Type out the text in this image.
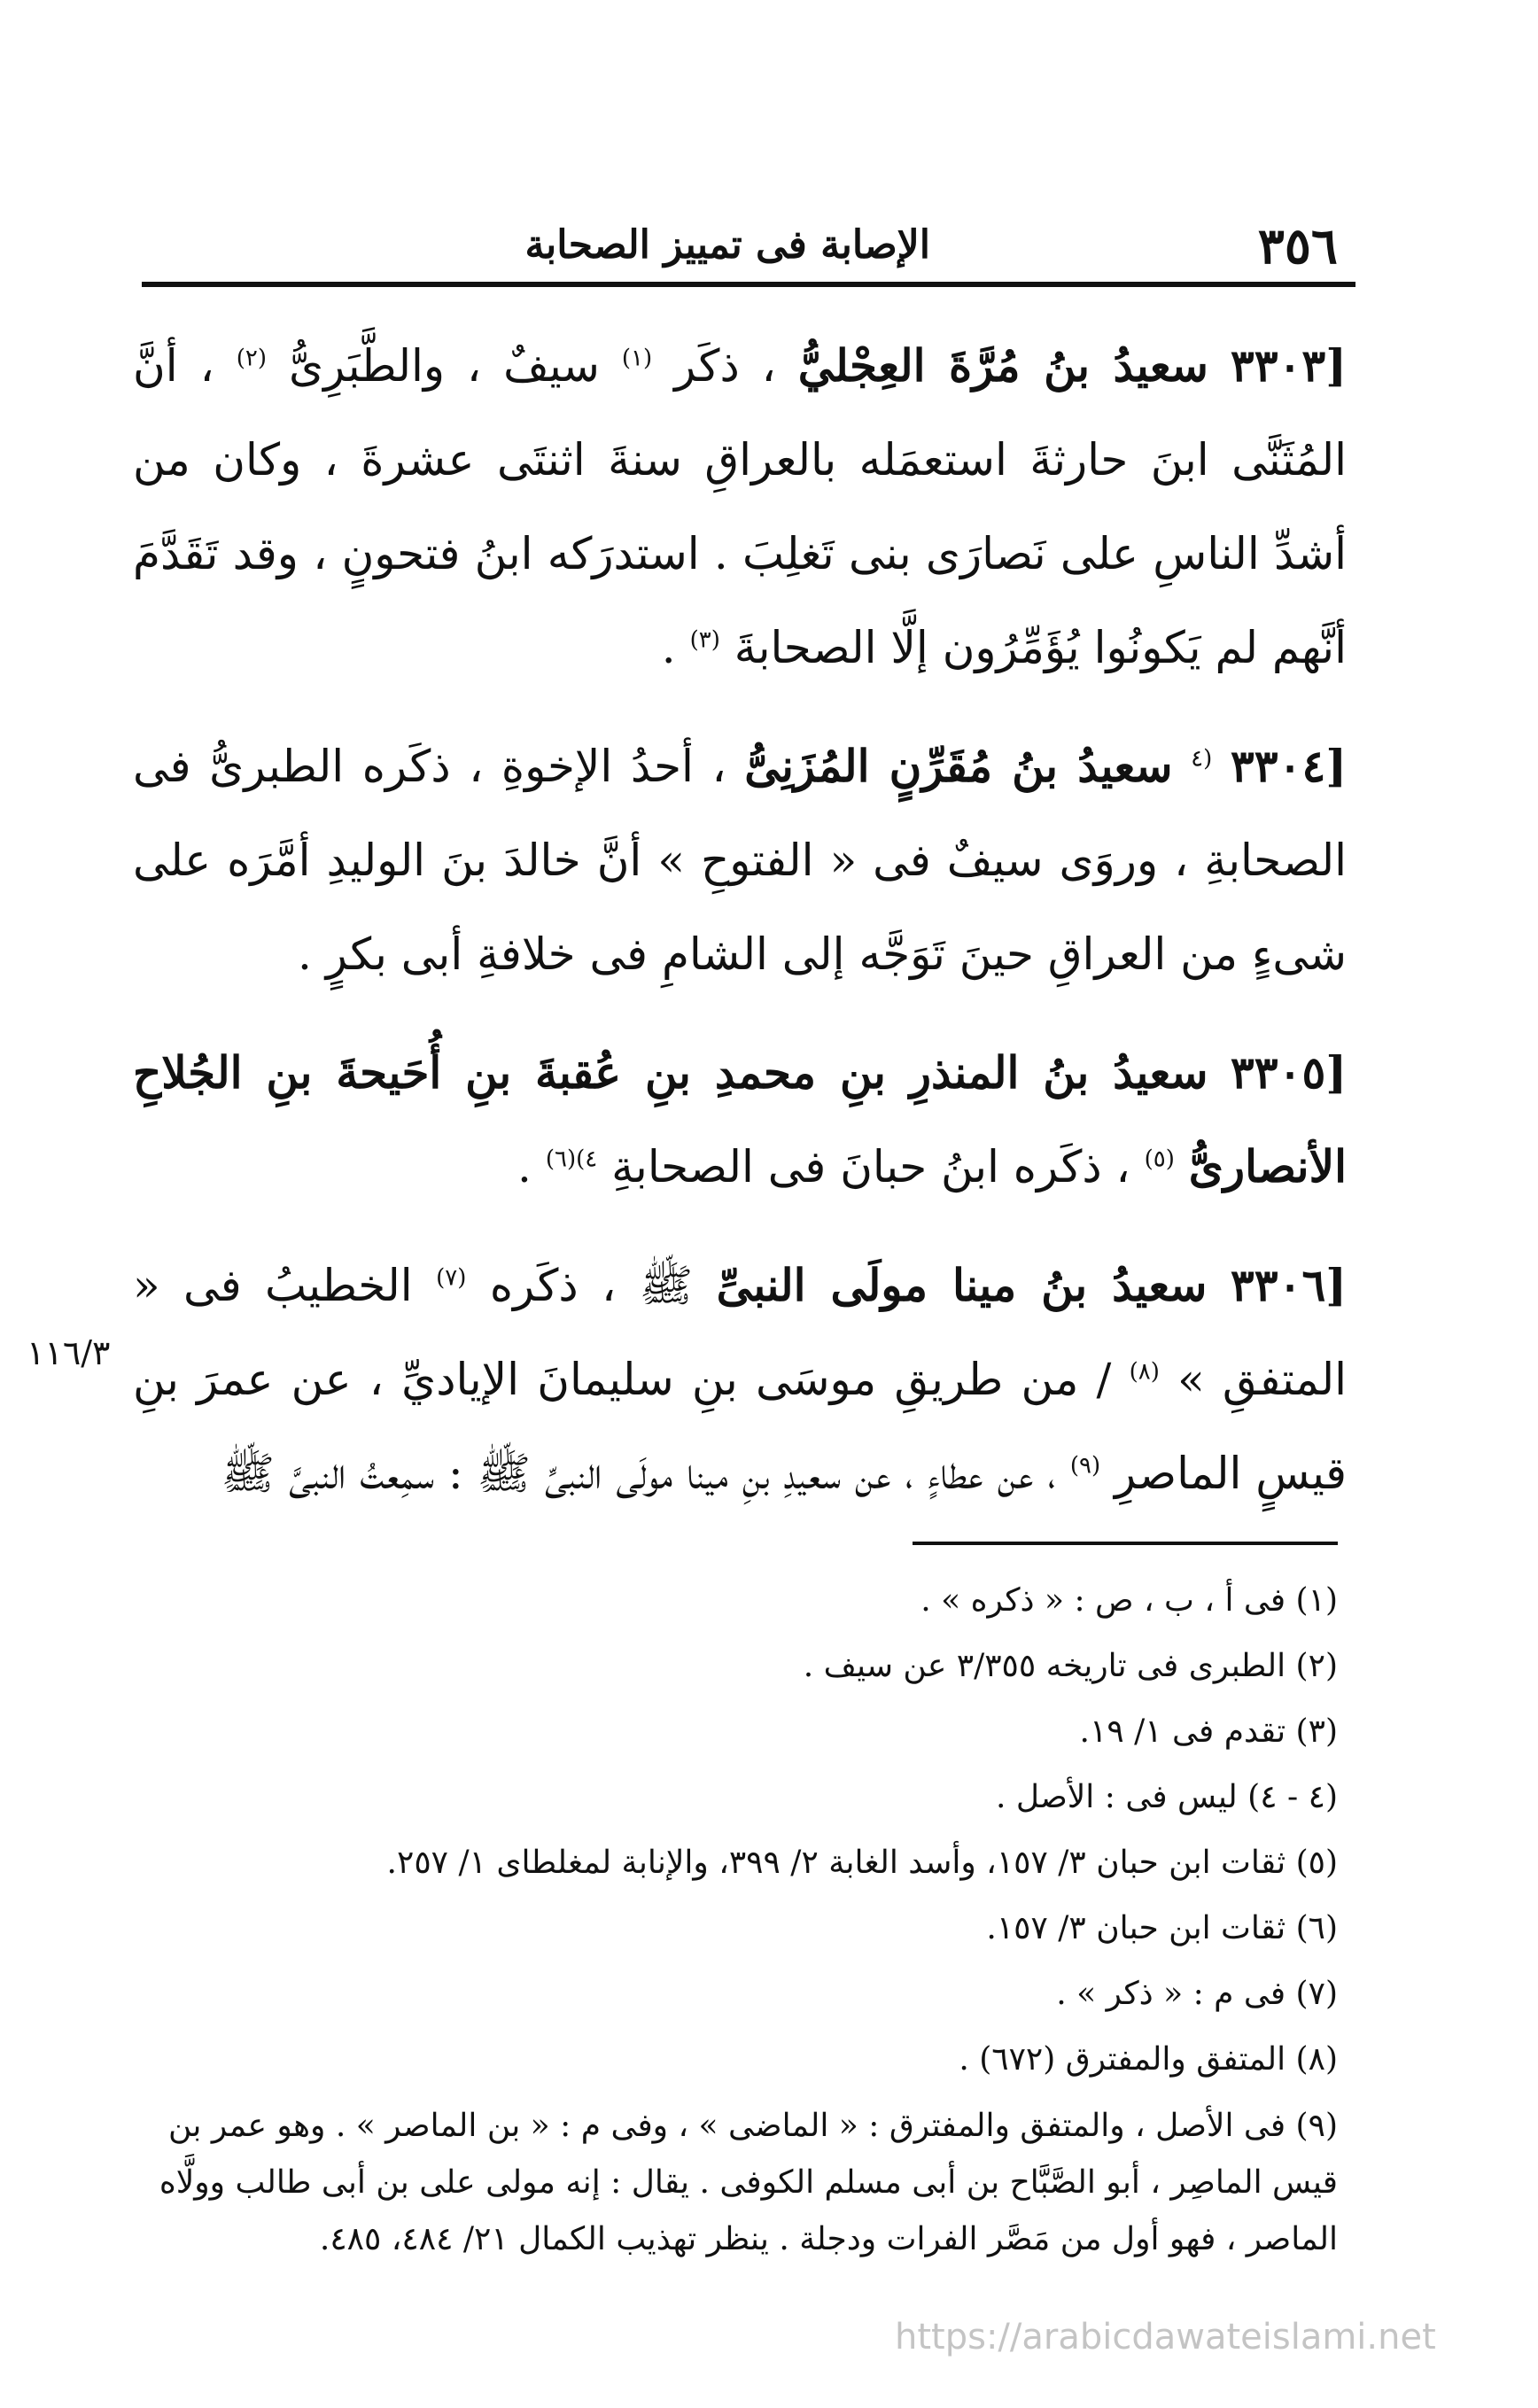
٣٥٦
الإصابة فى تمييز الصحابة

[٣٣٠٣ سعيدُ بنُ مُرَّةَ العِجْليُّ ، ذكَر $^{(١)}$ سيفٌ ، والطَّبَرِىُّ $^{(٢)}$ ، أنَّ المُثَنَّى ابنَ حارثةَ استعمَله بالعراقِ سنةَ اثنتَى عشرةَ ، وكان من أشدِّ الناسِ على نَصارَى بنى تَغلِبَ . استدرَكه ابنُ فتحونٍ ، وقد تَقَدَّمَ أنَّهم لم يَكونُوا يُؤَمِّرُون إلَّا الصحابةَ $^{(٣)}$ .

[٣٣٠٤ $^{(٤}$ سعيدُ بنُ مُقَرِّنٍ المُزَنِىُّ ، أحدُ الإخوةِ ، ذكَره الطبرىُّ فى الصحابةِ ، وروَى سيفٌ فى « الفتوحِ » أنَّ خالدَ بنَ الوليدِ أمَّرَه على شىءٍ من العراقِ حينَ تَوَجَّه إلى الشامِ فى خلافةِ أبى بكرٍ .

[٣٣٠٥ سعيدُ بنُ المنذرِ بنِ محمدِ بنِ عُقبةَ بنِ أُحَيحةَ بنِ الجُلاحِ الأنصارىُّ $^{(٥)}$ ، ذكَره ابنُ حبانَ فى الصحابةِ $^{٤)(٦)}$ .

[٣٣٠٦ سعيدُ بنُ مينا مولَى النبىِّ ﷺ ، ذكَره $^{(٧)}$ الخطيبُ فى « المتفقِ » $^{(٨)}$ / من طريقِ موسَى بنِ سليمانَ الإياديِّ ، عن عمرَ بنِ قيسٍ الماصرِ $^{(٩)}$ ، عن عطاءٍ ، عن سعيدِ بنِ مينا مولَى النبىِّ ﷺ : سمِعتُ النبىَّ ﷺ

١١٦/٣

(١) فى أ ، ب ، ص : « ذكره » .

(٢) الطبرى فى تاريخه ٣/٣٥٥ عن سيف .

(٣) تقدم فى ١/ ١٩.

(٤ - ٤) ليس فى : الأصل .

(٥) ثقات ابن حبان ٣/ ١٥٧، وأسد الغابة ٢/ ٣٩٩، والإنابة لمغلطاى ١/ ٢٥٧.

(٦) ثقات ابن حبان ٣/ ١٥٧.

(٧) فى م : « ذكر » .

(٨) المتفق والمفترق (٦٧٢) .

(٩) فى الأصل ، والمتفق والمفترق : « الماضى » ، وفى م : « بن الماصر » . وهو عمر بن قيس الماصِر ، أبو الصَّبَّاح بن أبى مسلم الكوفى . يقال : إنه مولى على بن أبى طالب وولَّاه الماصر ، فهو أول من مَصَّر الفرات ودجلة . ينظر تهذيب الكمال ٢١/ ٤٨٤، ٤٨٥.

https://arabicdawateislami.net
